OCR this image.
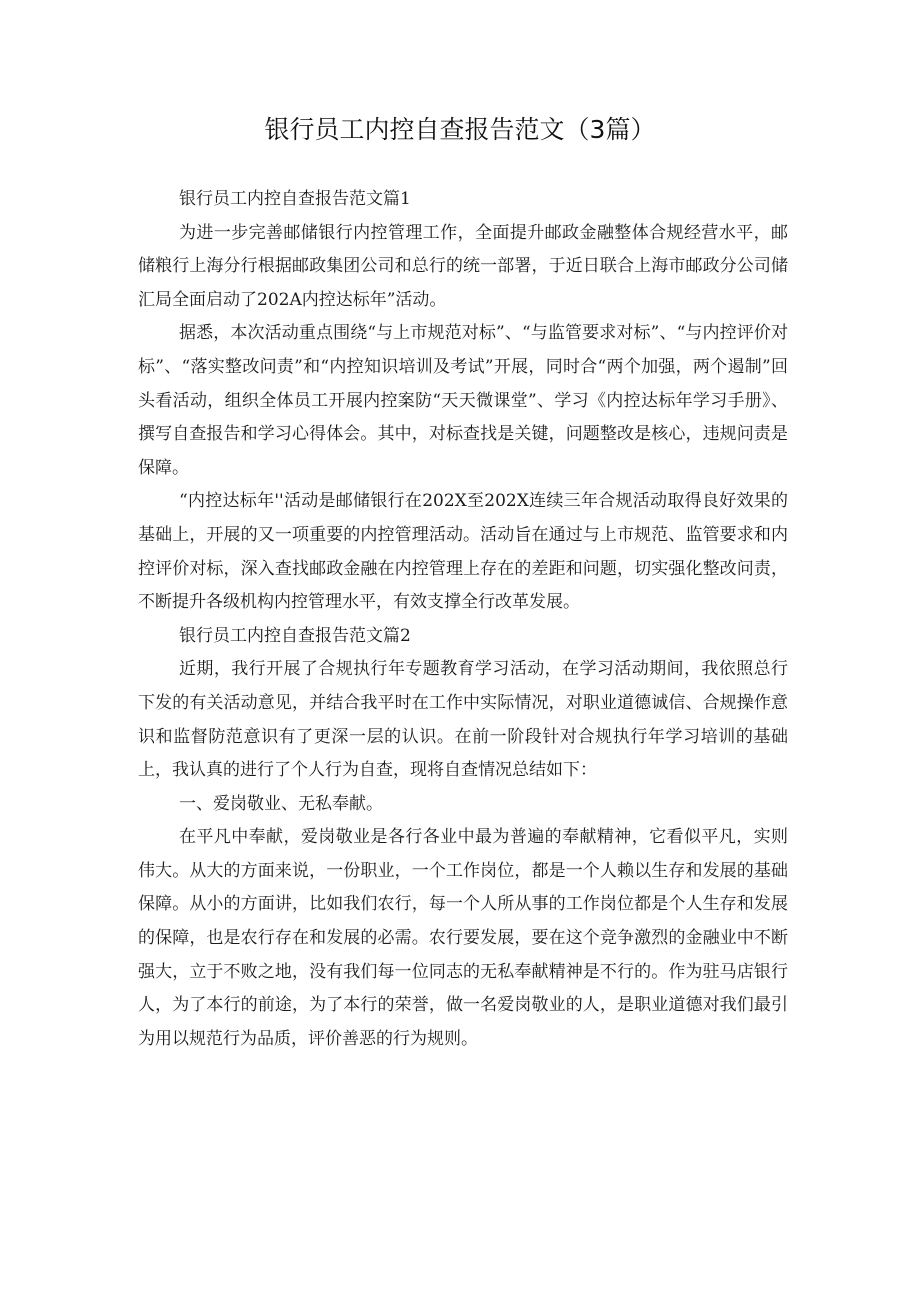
银行员工内控自查报告范文（3篇）

银行员工内控自查报告范文篇1

为进一步完善邮储银行内控管理工作，全面提升邮政金融整体合规经营水平，邮储粮行上海分行根据邮政集团公司和总行的统一部署，于近日联合上海市邮政分公司储汇局全面启动了202A内控达标年”活动。

据悉，本次活动重点围绕“与上市规范对标”、“与监管要求对标”、“与内控评价对标”、“落实整改问责”和“内控知识培训及考试”开展，同时合“两个加强，两个遏制”回头看活动，组织全体员工开展内控案防“天天微课堂”、学习《内控达标年学习手册》、撰写自查报告和学习心得体会。其中，对标查找是关键，问题整改是核心，违规问责是保障。

“内控达标年''活动是邮储银行在202X至202X连续三年合规活动取得良好效果的基础上，开展的又一项重要的内控管理活动。活动旨在通过与上市规范、监管要求和内控评价对标，深入查找邮政金融在内控管理上存在的差距和问题，切实强化整改问责，不断提升各级机构内控管理水平，有效支撑全行改革发展。

银行员工内控自查报告范文篇2

近期，我行开展了合规执行年专题教育学习活动，在学习活动期间，我依照总行下发的有关活动意见，并结合我平时在工作中实际情况，对职业道德诚信、合规操作意识和监督防范意识有了更深一层的认识。在前一阶段针对合规执行年学习培训的基础上，我认真的进行了个人行为自查，现将自查情况总结如下：

一、爱岗敬业、无私奉献。

在平凡中奉献，爱岗敬业是各行各业中最为普遍的奉献精神，它看似平凡，实则伟大。从大的方面来说，一份职业，一个工作岗位，都是一个人赖以生存和发展的基础保障。从小的方面讲，比如我们农行，每一个人所从事的工作岗位都是个人生存和发展的保障，也是农行存在和发展的必需。农行要发展，要在这个竞争激烈的金融业中不断强大，立于不败之地，没有我们每一位同志的无私奉献精神是不行的。作为驻马店银行人，为了本行的前途，为了本行的荣誉，做一名爱岗敬业的人，是职业道德对我们最引为用以规范行为品质，评价善恶的行为规则。
